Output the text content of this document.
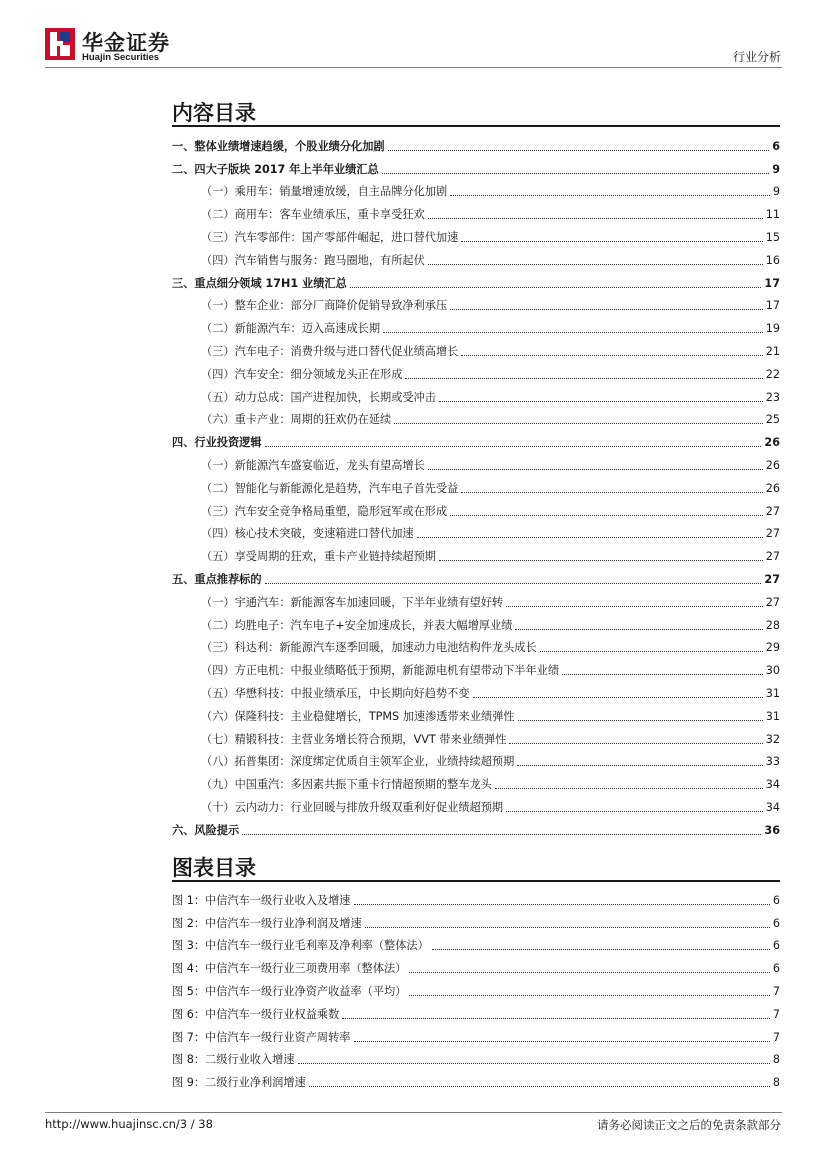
华金证券
Huajin Securities	行业分析
内容目录
一、整体业绩增速趋缓，个股业绩分化加剧	6
二、四大子版块 2017 年上半年业绩汇总	9
（一）乘用车：销量增速放缓，自主品牌分化加剧	9
（二）商用车：客车业绩承压，重卡享受狂欢	11
（三）汽车零部件：国产零部件崛起，进口替代加速	15
（四）汽车销售与服务：跑马圈地，有所起伏	16
三、重点细分领域 17H1 业绩汇总	17
（一）整车企业：部分厂商降价促销导致净利承压	17
（二）新能源汽车：迈入高速成长期	19
（三）汽车电子：消费升级与进口替代促业绩高增长	21
（四）汽车安全：细分领域龙头正在形成	22
（五）动力总成：国产进程加快，长期或受冲击	23
（六）重卡产业：周期的狂欢仍在延续	25
四、行业投资逻辑	26
（一）新能源汽车盛宴临近，龙头有望高增长	26
（二）智能化与新能源化是趋势，汽车电子首先受益	26
（三）汽车安全竞争格局重塑，隐形冠军或在形成	27
（四）核心技术突破，变速箱进口替代加速	27
（五）享受周期的狂欢，重卡产业链持续超预期	27
五、重点推荐标的	27
（一）宇通汽车：新能源客车加速回暖，下半年业绩有望好转	27
（二）均胜电子：汽车电子+安全加速成长，并表大幅增厚业绩	28
（三）科达利：新能源汽车逐季回暖，加速动力电池结构件龙头成长	29
（四）方正电机：中报业绩略低于预期，新能源电机有望带动下半年业绩	30
（五）华懋科技：中报业绩承压，中长期向好趋势不变	31
（六）保隆科技：主业稳健增长，TPMS 加速渗透带来业绩弹性	31
（七）精锻科技：主营业务增长符合预期，VVT 带来业绩弹性	32
（八）拓普集团：深度绑定优质自主领军企业，业绩持续超预期	33
（九）中国重汽：多因素共振下重卡行情超预期的整车龙头	34
（十）云内动力：行业回暖与排放升级双重利好促业绩超预期	34
六、风险提示	36
图表目录
图 1：中信汽车一级行业收入及增速	6
图 2：中信汽车一级行业净利润及增速	6
图 3：中信汽车一级行业毛利率及净利率（整体法）	6
图 4：中信汽车一级行业三项费用率（整体法）	6
图 5：中信汽车一级行业净资产收益率（平均）	7
图 6：中信汽车一级行业权益乘数	7
图 7：中信汽车一级行业资产周转率	7
图 8：二级行业收入增速	8
图 9：二级行业净利润增速	8
http://www.huajinsc.cn/3 / 38	请务必阅读正文之后的免责条款部分
